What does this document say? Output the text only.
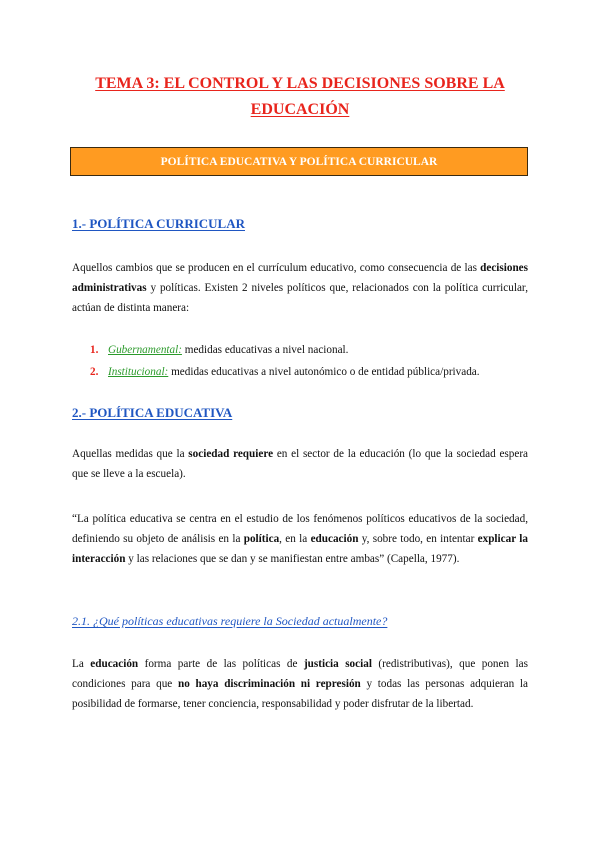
TEMA 3: EL CONTROL Y LAS DECISIONES SOBRE LA
EDUCACIÓN
POLÍTICA EDUCATIVA Y POLÍTICA CURRICULAR
1.- POLÍTICA CURRICULAR
Aquellos cambios que se producen en el currículum educativo, como consecuencia de las decisiones administrativas y políticas. Existen 2 niveles políticos que, relacionados con la política curricular, actúan de distinta manera:
1. Gubernamental: medidas educativas a nivel nacional.
2. Institucional: medidas educativas a nivel autonómico o de entidad pública/privada.
2.- POLÍTICA EDUCATIVA
Aquellas medidas que la sociedad requiere en el sector de la educación (lo que la sociedad espera que se lleve a la escuela).
“La política educativa se centra en el estudio de los fenómenos políticos educativos de la sociedad, definiendo su objeto de análisis en la política, en la educación y, sobre todo, en intentar explicar la interacción y las relaciones que se dan y se manifiestan entre ambas” (Capella, 1977).
2.1. ¿Qué políticas educativas requiere la Sociedad actualmente?
La educación forma parte de las políticas de justicia social (redistributivas), que ponen las condiciones para que no haya discriminación ni represión y todas las personas adquieran la posibilidad de formarse, tener conciencia, responsabilidad y poder disfrutar de la libertad.
